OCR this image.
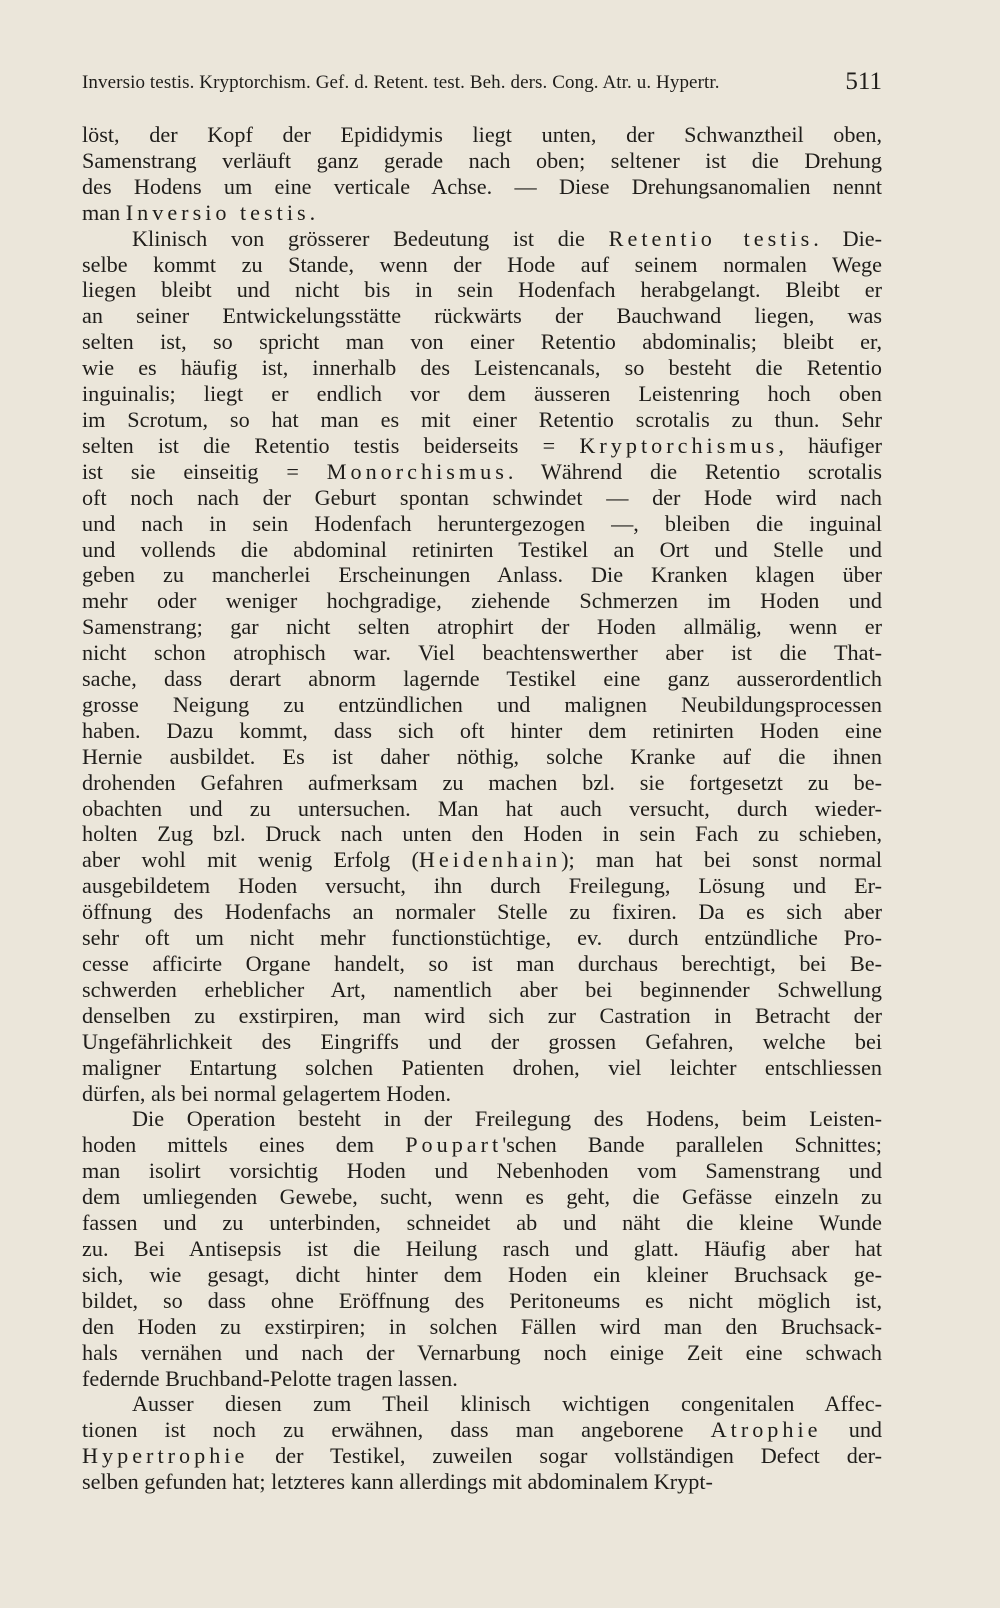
Inversio testis. Kryptorchism. Gef. d. Retent. test. Beh. ders. Cong. Atr. u. Hypertr.	511
löst, der Kopf der Epididymis liegt unten, der Schwanztheil oben,
Samenstrang verläuft ganz gerade nach oben; seltener ist die Drehung
des Hodens um eine verticale Achse. — Diese Drehungsanomalien nennt
man Inversio testis.
Klinisch von grösserer Bedeutung ist die Retentio testis. Die-
selbe kommt zu Stande, wenn der Hode auf seinem normalen Wege
liegen bleibt und nicht bis in sein Hodenfach herabgelangt. Bleibt er
an seiner Entwickelungsstätte rückwärts der Bauchwand liegen, was
selten ist, so spricht man von einer Retentio abdominalis; bleibt er,
wie es häufig ist, innerhalb des Leistencanals, so besteht die Retentio
inguinalis; liegt er endlich vor dem äusseren Leistenring hoch oben
im Scrotum, so hat man es mit einer Retentio scrotalis zu thun. Sehr
selten ist die Retentio testis beiderseits = Kryptorchismus, häufiger
ist sie einseitig = Monorchismus. Während die Retentio scrotalis
oft noch nach der Geburt spontan schwindet — der Hode wird nach
und nach in sein Hodenfach heruntergezogen —, bleiben die inguinal
und vollends die abdominal retinirten Testikel an Ort und Stelle und
geben zu mancherlei Erscheinungen Anlass. Die Kranken klagen über
mehr oder weniger hochgradige, ziehende Schmerzen im Hoden und
Samenstrang; gar nicht selten atrophirt der Hoden allmälig, wenn er
nicht schon atrophisch war. Viel beachtenswerther aber ist die That-
sache, dass derart abnorm lagernde Testikel eine ganz ausserordentlich
grosse Neigung zu entzündlichen und malignen Neubildungsprocessen
haben. Dazu kommt, dass sich oft hinter dem retinirten Hoden eine
Hernie ausbildet. Es ist daher nöthig, solche Kranke auf die ihnen
drohenden Gefahren aufmerksam zu machen bzl. sie fortgesetzt zu be-
obachten und zu untersuchen. Man hat auch versucht, durch wieder-
holten Zug bzl. Druck nach unten den Hoden in sein Fach zu schieben,
aber wohl mit wenig Erfolg (Heidenhain); man hat bei sonst normal
ausgebildetem Hoden versucht, ihn durch Freilegung, Lösung und Er-
öffnung des Hodenfachs an normaler Stelle zu fixiren. Da es sich aber
sehr oft um nicht mehr functionstüchtige, ev. durch entzündliche Pro-
cesse afficirte Organe handelt, so ist man durchaus berechtigt, bei Be-
schwerden erheblicher Art, namentlich aber bei beginnender Schwellung
denselben zu exstirpiren, man wird sich zur Castration in Betracht der
Ungefährlichkeit des Eingriffs und der grossen Gefahren, welche bei
maligner Entartung solchen Patienten drohen, viel leichter entschliessen
dürfen, als bei normal gelagertem Hoden.
Die Operation besteht in der Freilegung des Hodens, beim Leisten-
hoden mittels eines dem Poupart'schen Bande parallelen Schnittes;
man isolirt vorsichtig Hoden und Nebenhoden vom Samenstrang und
dem umliegenden Gewebe, sucht, wenn es geht, die Gefässe einzeln zu
fassen und zu unterbinden, schneidet ab und näht die kleine Wunde
zu. Bei Antisepsis ist die Heilung rasch und glatt. Häufig aber hat
sich, wie gesagt, dicht hinter dem Hoden ein kleiner Bruchsack ge-
bildet, so dass ohne Eröffnung des Peritoneums es nicht möglich ist,
den Hoden zu exstirpiren; in solchen Fällen wird man den Bruchsack-
hals vernähen und nach der Vernarbung noch einige Zeit eine schwach
federnde Bruchband-Pelotte tragen lassen.
Ausser diesen zum Theil klinisch wichtigen congenitalen Affec-
tionen ist noch zu erwähnen, dass man angeborene Atrophie und
Hypertrophie der Testikel, zuweilen sogar vollständigen Defect der-
selben gefunden hat; letzteres kann allerdings mit abdominalem Krypt-
